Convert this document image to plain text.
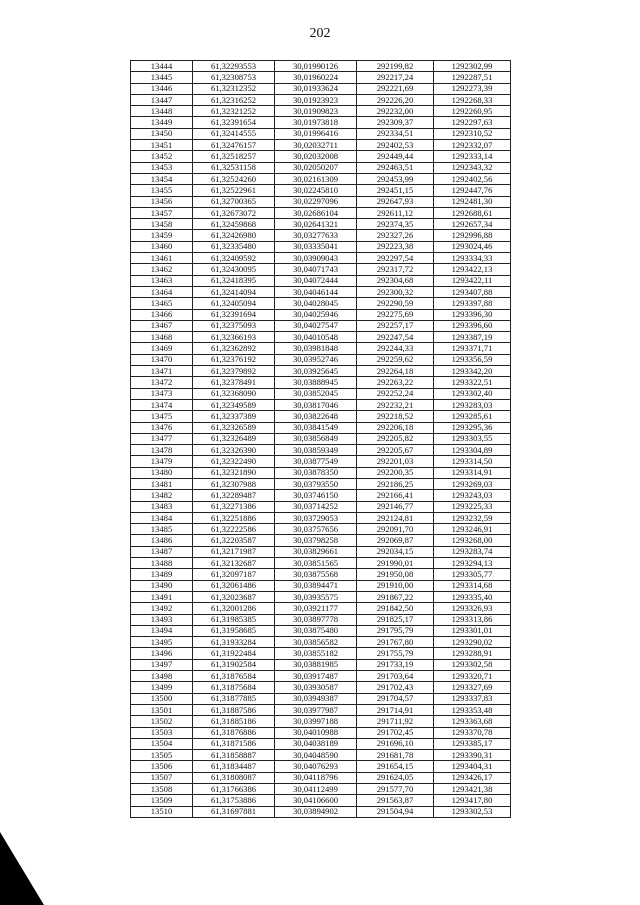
202
13444	61,32293553	30,01990126	292199,82	1292302,99
13445	61,32308753	30,01960224	292217,24	1292287,51
13446	61,32312352	30,01933624	292221,69	1292273,39
13447	61,32316252	30,01923923	292226,20	1292268,33
13448	61,32321252	30,01909823	292232,00	1292260,95
13449	61,32391654	30,01973818	292309,37	1292297,63
13450	61,32414555	30,01996416	292334,51	1292310,52
13451	61,32476157	30,02032711	292402,53	1292332,07
13452	61,32518257	30,02032008	292449,44	1292333,14
13453	61,32531158	30,02050207	292463,51	1292343,32
13454	61,32524260	30,02161309	292453,99	1292402,56
13455	61,32522961	30,02245810	292451,15	1292447,76
13456	61,32700365	30,02297096	292647,93	1292481,30
13457	61,32673072	30,02686104	292611,12	1292688,61
13458	61,32459868	30,02641321	292374,35	1292657,34
13459	61,32426980	30,03277633	292327,26	1292996,88
13460	61,32335480	30,03335041	292223,38	1293024,46
13461	61,32409592	30,03909043	292297,54	1293334,33
13462	61,32430095	30,04071743	292317,72	1293422,13
13463	61,32418395	30,04072444	292304,68	1293422,11
13464	61,32414094	30,04046144	292300,32	1293407,88
13465	61,32405094	30,04028045	292290,59	1293397,88
13466	61,32391694	30,04025946	292275,69	1293396,30
13467	61,32375093	30,04027547	292257,17	1293396,60
13468	61,32366193	30,04010548	292247,54	1293387,19
13469	61,32362892	30,03981848	292244,33	1293371,71
13470	61,32376192	30,03952746	292259,62	1293356,59
13471	61,32379892	30,03925645	292264,18	1293342,20
13472	61,32378491	30,03888945	292263,22	1293322,51
13473	61,32368090	30,03852045	292252,24	1293302,40
13474	61,32349589	30,03817046	292232,21	1293283,03
13475	61,32337389	30,03822648	292218,52	1293285,61
13476	61,32326589	30,03841549	292206,18	1293295,36
13477	61,32326489	30,03856849	292205,82	1293303,55
13478	61,32326390	30,03859349	292205,67	1293304,89
13479	61,32322490	30,03877549	292201,03	1293314,50
13480	61,32321890	30,03878350	292200,35	1293314,91
13481	61,32307988	30,03793550	292186,25	1293269,03
13482	61,32289487	30,03746150	292166,41	1293243,03
13483	61,32271386	30,03714252	292146,77	1293225,33
13484	61,32251886	30,03729053	292124,81	1293232,59
13485	61,32222586	30,03757656	292091,70	1293246,91
13486	61,32203587	30,03798258	292069,87	1293268,00
13487	61,32171987	30,03829661	292034,15	1293283,74
13488	61,32132687	30,03851565	291990,01	1293294,13
13489	61,32097187	30,03875568	291950,08	1293305,77
13490	61,32061486	30,03894471	291910,00	1293314,68
13491	61,32023687	30,03935575	291867,22	1293335,40
13492	61,32001286	30,03921177	291842,50	1293326,93
13493	61,31985385	30,03897778	291825,17	1293313,86
13494	61,31958685	30,03875480	291795,79	1293301,01
13495	61,31933284	30,03856582	291767,80	1293290,02
13496	61,31922484	30,03855182	291755,79	1293288,91
13497	61,31902584	30,03881985	291733,19	1293302,58
13498	61,31876584	30,03917487	291703,64	1293320,71
13499	61,31875684	30,03930587	291702,43	1293327,69
13500	61,31877885	30,03949387	291704,57	1293337,83
13501	61,31887586	30,03977987	291714,91	1293353,48
13502	61,31885186	30,03997188	291711,92	1293363,68
13503	61,31876886	30,04010988	291702,45	1293370,78
13504	61,31871586	30,04038189	291696,10	1293385,17
13505	61,31858887	30,04048590	291681,78	1293390,31
13506	61,31834487	30,04076293	291654,15	1293404,31
13507	61,31808087	30,04118796	291624,05	1293426,17
13508	61,31766386	30,04112499	291577,70	1293421,38
13509	61,31753886	30,04106600	291563,87	1293417,80
13510	61,31697881	30,03894902	291504,94	1293302,53
